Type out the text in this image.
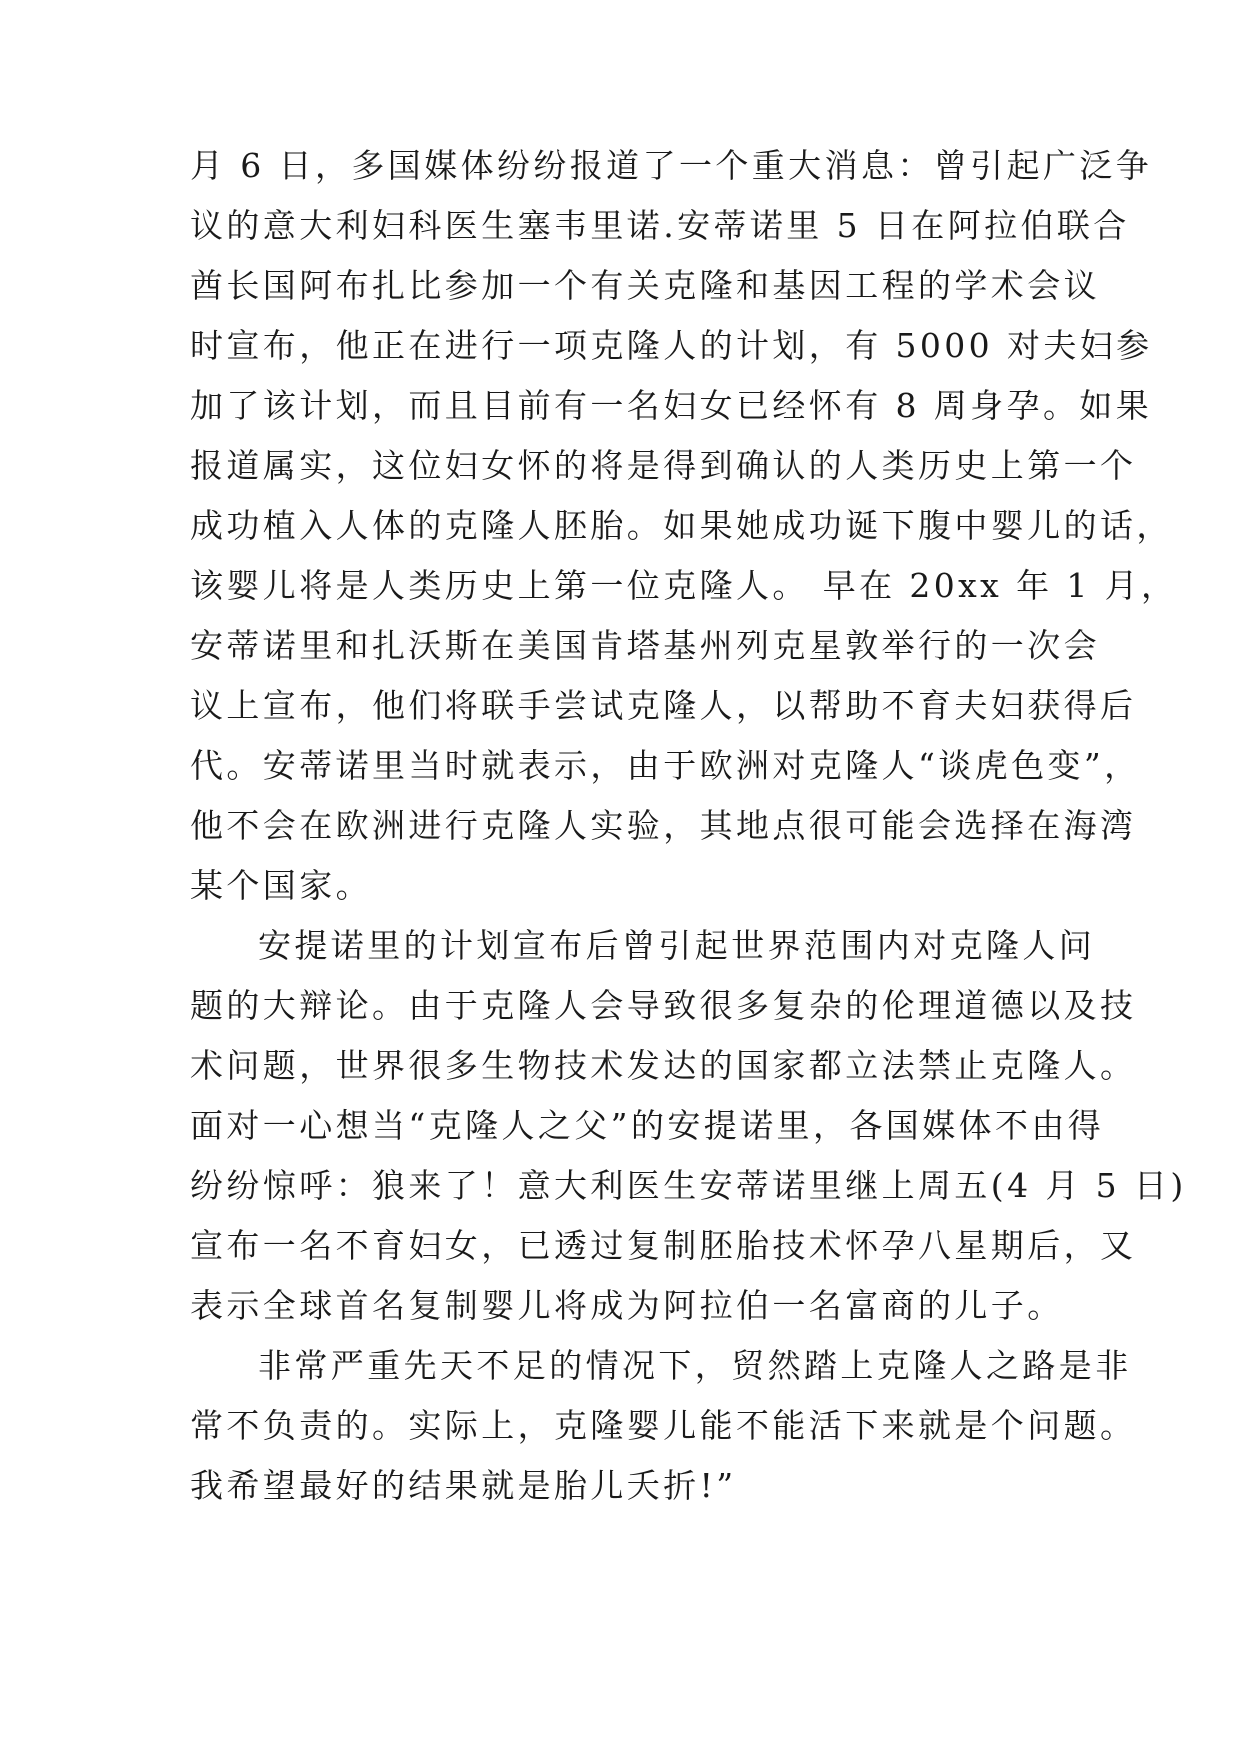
月 6 日，多国媒体纷纷报道了一个重大消息：曾引起广泛争
议的意大利妇科医生塞韦里诺.安蒂诺里 5 日在阿拉伯联合
酋长国阿布扎比参加一个有关克隆和基因工程的学术会议
时宣布，他正在进行一项克隆人的计划，有 5000 对夫妇参
加了该计划，而且目前有一名妇女已经怀有 8 周身孕。如果
报道属实，这位妇女怀的将是得到确认的人类历史上第一个
成功植入人体的克隆人胚胎。如果她成功诞下腹中婴儿的话，
该婴儿将是人类历史上第一位克隆人。 早在 20xx 年 1 月，
安蒂诺里和扎沃斯在美国肯塔基州列克星敦举行的一次会
议上宣布，他们将联手尝试克隆人，以帮助不育夫妇获得后
代。安蒂诺里当时就表示，由于欧洲对克隆人“谈虎色变”，
他不会在欧洲进行克隆人实验，其地点很可能会选择在海湾
某个国家。
安提诺里的计划宣布后曾引起世界范围内对克隆人问
题的大辩论。由于克隆人会导致很多复杂的伦理道德以及技
术问题，世界很多生物技术发达的国家都立法禁止克隆人。
面对一心想当“克隆人之父”的安提诺里，各国媒体不由得
纷纷惊呼：狼来了！意大利医生安蒂诺里继上周五(4 月 5 日)
宣布一名不育妇女，已透过复制胚胎技术怀孕八星期后，又
表示全球首名复制婴儿将成为阿拉伯一名富商的儿子。
非常严重先天不足的情况下，贸然踏上克隆人之路是非
常不负责的。实际上，克隆婴儿能不能活下来就是个问题。
我希望最好的结果就是胎儿夭折!”
